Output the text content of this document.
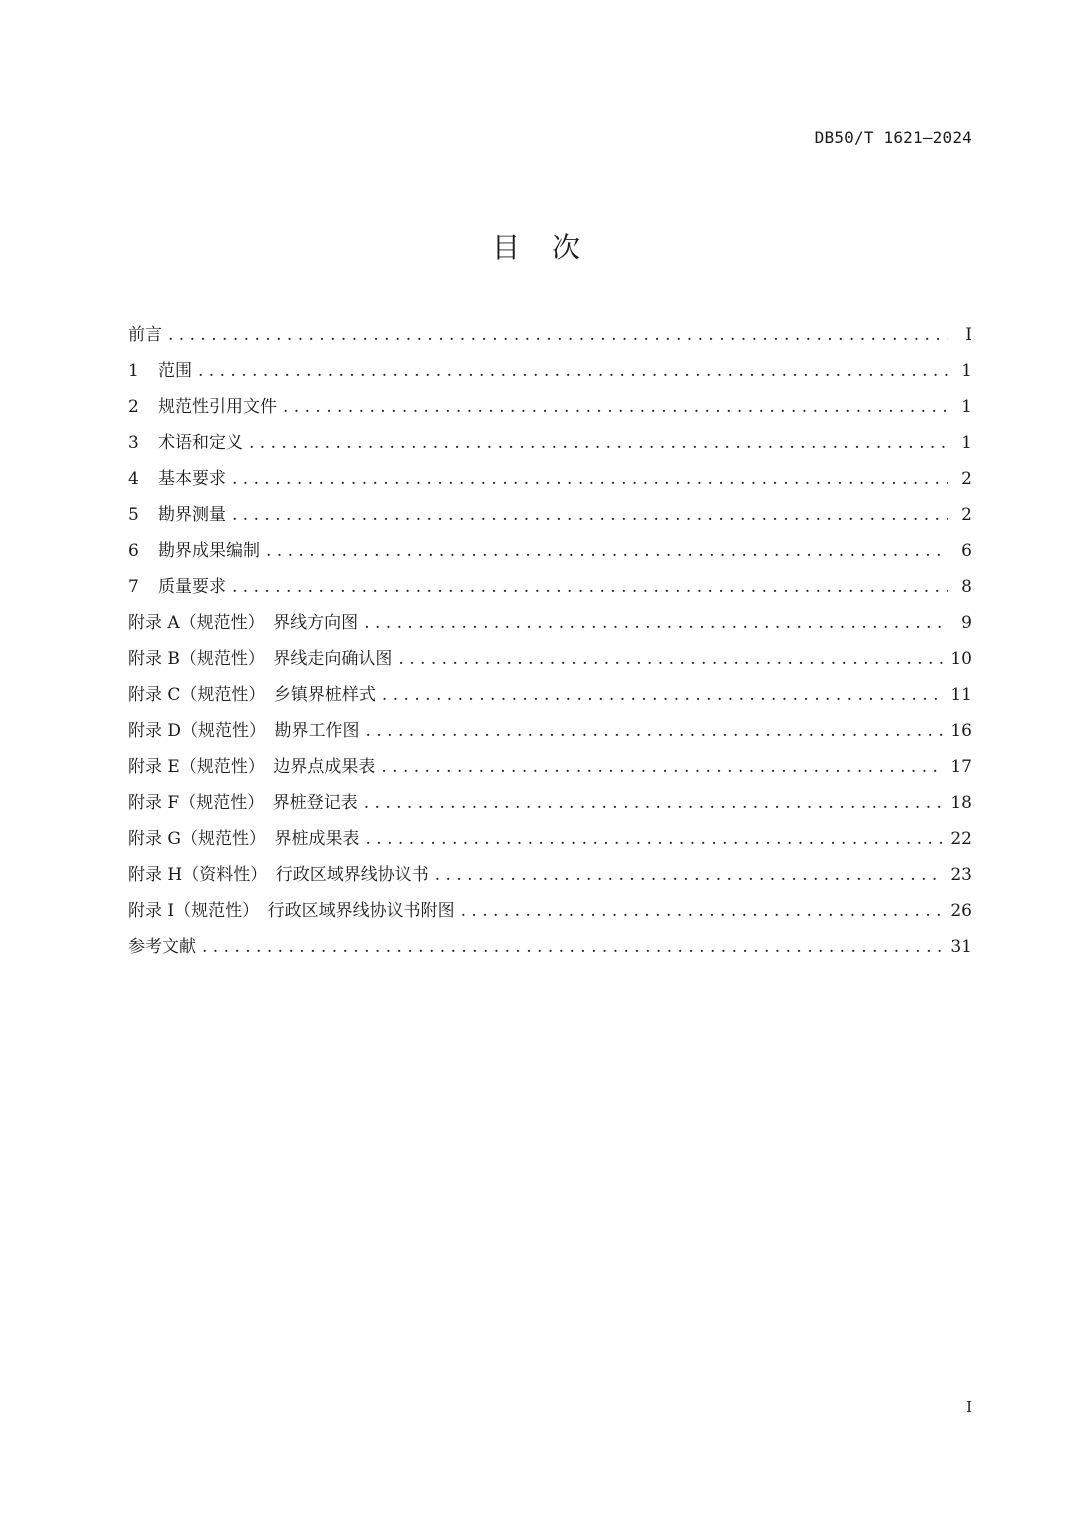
DB50/T 1621—2024
目　次
前言 . . .	I
1	范围 . . .	1
2	规范性引用文件 . . .	1
3	术语和定义 . . .	1
4	基本要求 . . .	2
5	勘界测量 . . .	2
6	勘界成果编制 . . .	6
7	质量要求 . . .	8
附录 A（规范性）　界线方向图 . . .	9
附录 B（规范性）　界线走向确认图 . . .	10
附录 C（规范性）　乡镇界桩样式 . . .	11
附录 D（规范性）　勘界工作图 . . .	16
附录 E（规范性）　边界点成果表 . . .	17
附录 F（规范性）　界桩登记表 . . .	18
附录 G（规范性）　界桩成果表 . . .	22
附录 H（资料性）　行政区域界线协议书 . . .	23
附录 I（规范性）　行政区域界线协议书附图 . . .	26
参考文献 . . .	31
I
